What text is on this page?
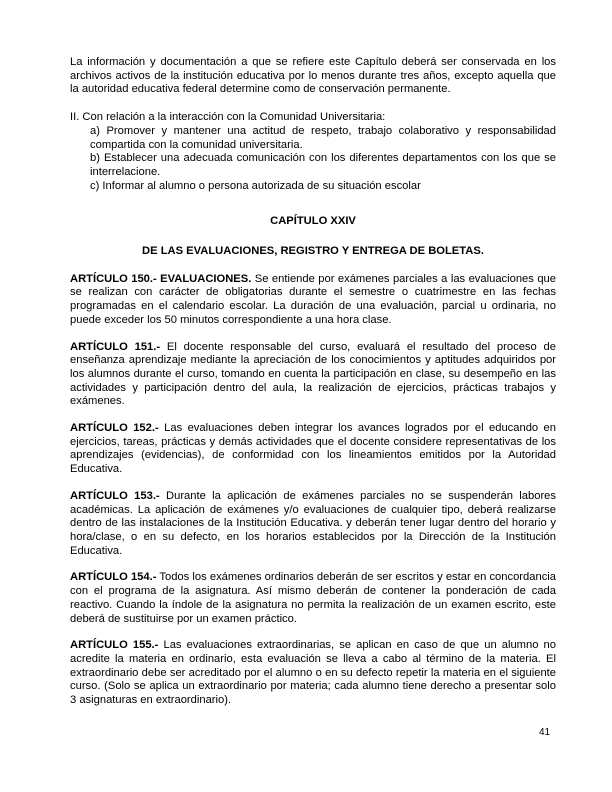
La información y documentación a que se refiere este Capítulo deberá ser conservada en los archivos activos de la institución educativa por lo menos durante tres años, excepto aquella que la autoridad educativa federal determine como de conservación permanente.

II. Con relación a la interacción con la Comunidad Universitaria:

a) Promover y mantener una actitud de respeto, trabajo colaborativo y responsabilidad compartida con la comunidad universitaria.

b) Establecer una adecuada comunicación con los diferentes departamentos con los que se interrelacione.

c) Informar al alumno o persona autorizada de su situación escolar

CAPÍTULO XXIV

DE LAS EVALUACIONES, REGISTRO Y ENTREGA DE BOLETAS.

ARTÍCULO 150.- EVALUACIONES. Se entiende por exámenes parciales a las evaluaciones que se realizan con carácter de obligatorias durante el semestre o cuatrimestre en las fechas programadas en el calendario escolar. La duración de una evaluación, parcial u ordinaria, no puede exceder los 50 minutos correspondiente a una hora clase.

ARTÍCULO 151.- El docente responsable del curso, evaluará el resultado del proceso de enseñanza aprendizaje mediante la apreciación de los conocimientos y aptitudes adquiridos por los alumnos durante el curso, tomando en cuenta la participación en clase, su desempeño en las actividades y participación dentro del aula, la realización de ejercicios, prácticas trabajos y exámenes.

ARTÍCULO 152.- Las evaluaciones deben integrar los avances logrados por el educando en ejercicios, tareas, prácticas y demás actividades que el docente considere representativas de los aprendizajes (evidencias), de conformidad con los lineamientos emitidos por la Autoridad Educativa.

ARTÍCULO 153.- Durante la aplicación de exámenes parciales no se suspenderán labores académicas. La aplicación de exámenes y/o evaluaciones de cualquier tipo, deberá realizarse dentro de las instalaciones de la Institución Educativa. y deberán tener lugar dentro del horario y hora/clase, o en su defecto, en los horarios establecidos por la Dirección de la Institución Educativa.

ARTÍCULO 154.- Todos los exámenes ordinarios deberán de ser escritos y estar en concordancia con el programa de la asignatura. Así mismo deberán de contener la ponderación de cada reactivo. Cuando la índole de la asignatura no permita la realización de un examen escrito, este deberá de sustituirse por un examen práctico.

ARTÍCULO 155.- Las evaluaciones extraordinarias, se aplican en caso de que un alumno no acredite la materia en ordinario, esta evaluación se lleva a cabo al término de la materia. El extraordinario debe ser acreditado por el alumno o en su defecto repetir la materia en el siguiente curso. (Solo se aplica un extraordinario por materia; cada alumno tiene derecho a presentar solo 3 asignaturas en extraordinario).

41
